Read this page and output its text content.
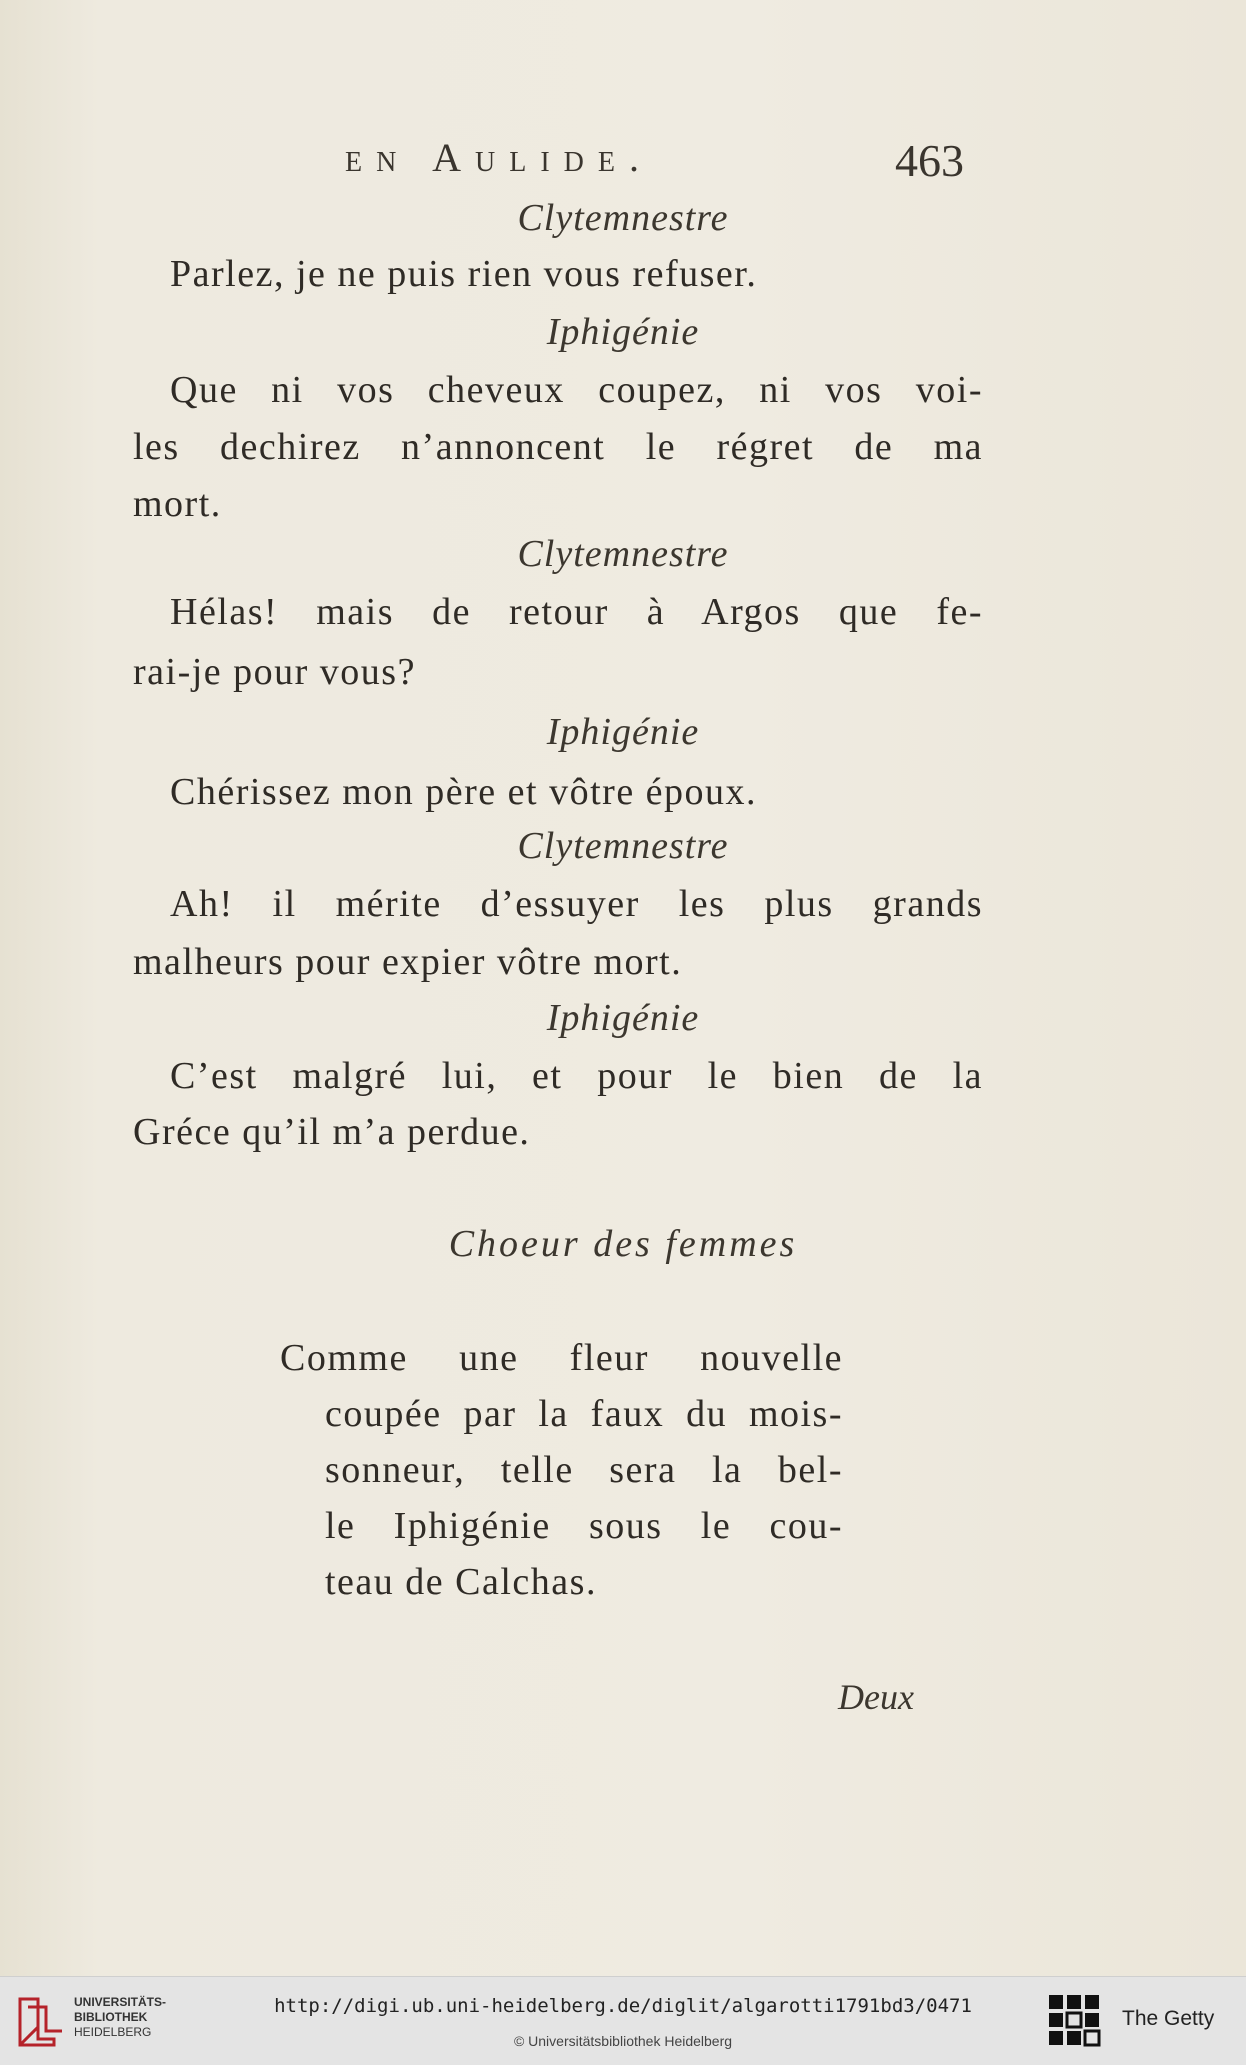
en Aulide.	463
Clytemnestre
Parlez, je ne puis rien vous refuser.
Iphigénie
Que ni vos cheveux coupez, ni vos voi-
les dechirez n’annoncent le régret de ma
mort.
Clytemnestre
Hélas! mais de retour à Argos que fe-
rai-je pour vous?
Iphigénie
Chérissez mon père et vôtre époux.
Clytemnestre
Ah! il mérite d’essuyer les plus grands
malheurs pour expier vôtre mort.
Iphigénie
C’est malgré lui, et pour le bien de la
Gréce qu’il m’a perdue.
Choeur des femmes
Comme une fleur nouvelle
coupée par la faux du mois-
sonneur, telle sera la bel-
le Iphigénie sous le cou-
teau de Calchas.
Deux
UNIVERSITÄTS-
BIBLIOTHEK
HEIDELBERG
http://digi.ub.uni-heidelberg.de/diglit/algarotti1791bd3/0471
© Universitätsbibliothek Heidelberg
The Getty
